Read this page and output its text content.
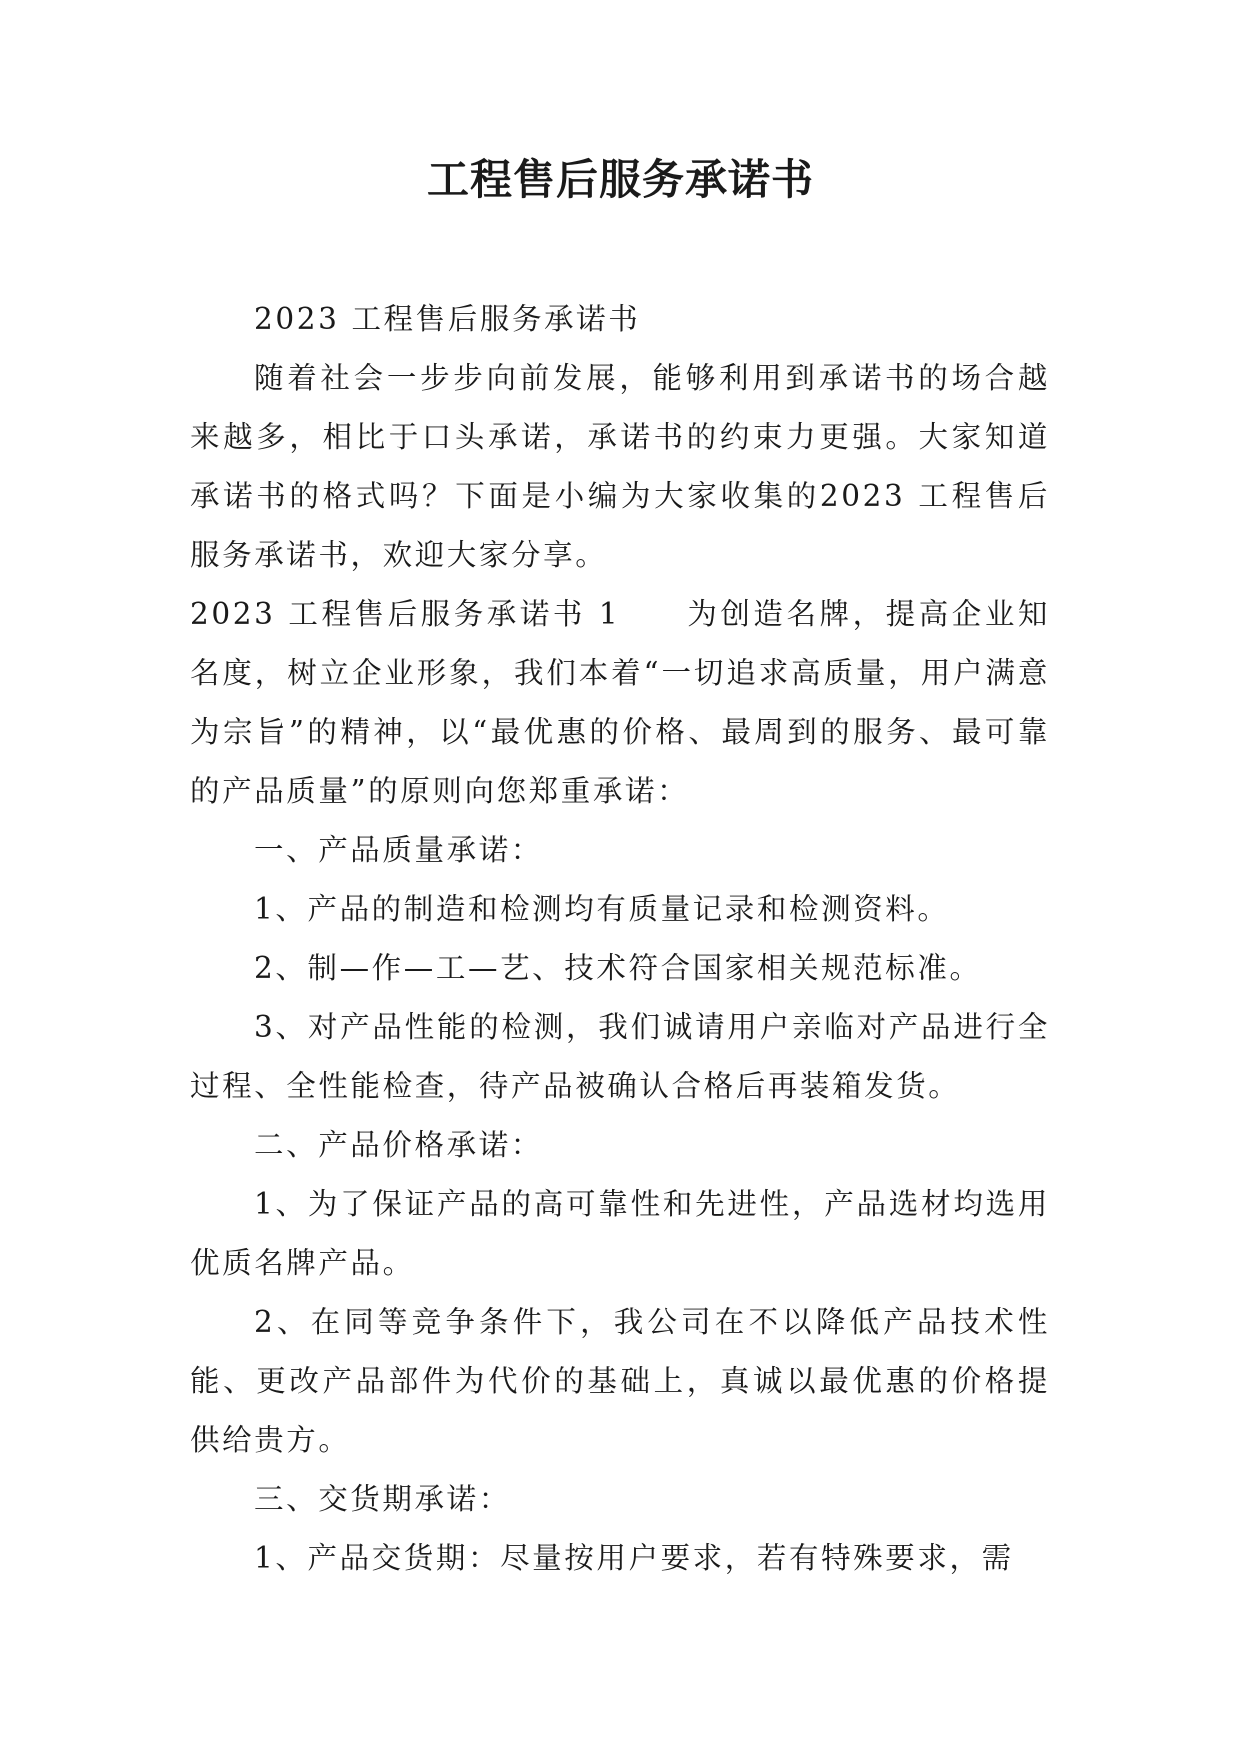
工程售后服务承诺书

2023 工程售后服务承诺书

随着社会一步步向前发展，能够利用到承诺书的场合越来越多，相比于口头承诺，承诺书的约束力更强。大家知道承诺书的格式吗？下面是小编为大家收集的2023 工程售后服务承诺书，欢迎大家分享。

2023 工程售后服务承诺书 1　　为创造名牌，提高企业知名度，树立企业形象，我们本着“一切追求高质量，用户满意为宗旨”的精神，以“最优惠的价格、最周到的服务、最可靠的产品质量”的原则向您郑重承诺：

一、产品质量承诺：

1、产品的制造和检测均有质量记录和检测资料。

2、制—作—工—艺、技术符合国家相关规范标准。

3、对产品性能的检测，我们诚请用户亲临对产品进行全过程、全性能检查，待产品被确认合格后再装箱发货。

二、产品价格承诺：

1、为了保证产品的高可靠性和先进性，产品选材均选用优质名牌产品。

2、在同等竞争条件下，我公司在不以降低产品技术性能、更改产品部件为代价的基础上，真诚以最优惠的价格提供给贵方。

三、交货期承诺：

1、产品交货期：尽量按用户要求，若有特殊要求，需
